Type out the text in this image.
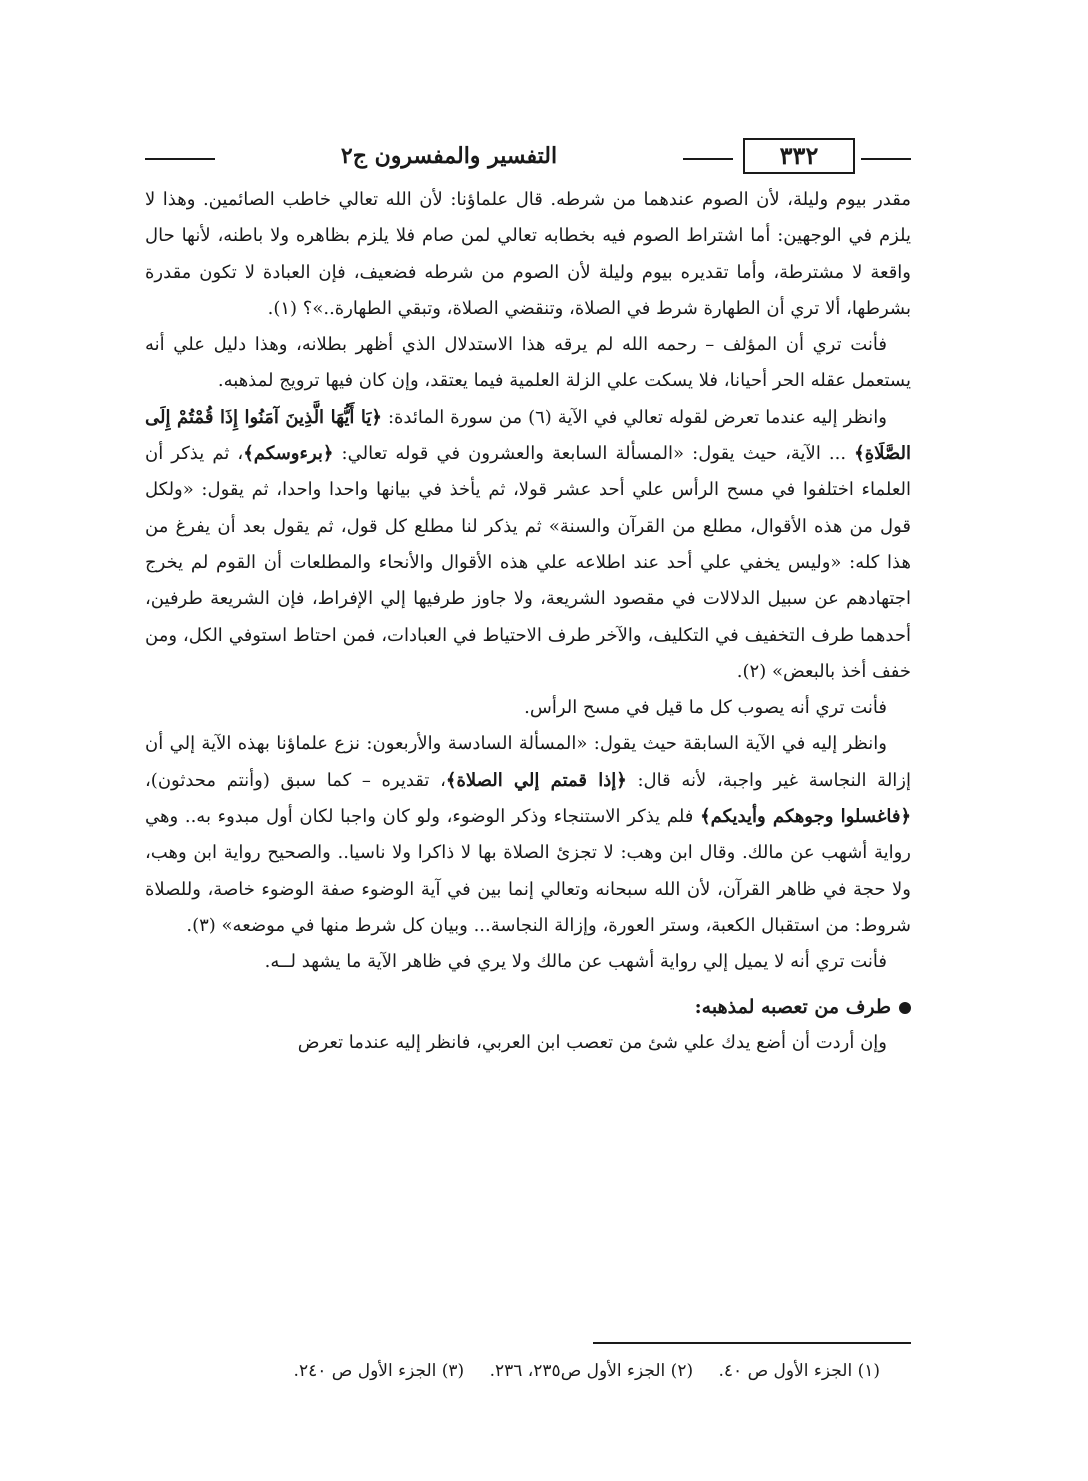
٣٣٢
التفسير والمفسرون ج٢

مقدر بيوم وليلة، لأن الصوم عندهما من شرطه. قال علماؤنا: لأن الله تعالي خاطب الصائمين. وهذا لا يلزم في الوجهين: أما اشتراط الصوم فيه بخطابه تعالي لمن صام فلا يلزم بظاهره ولا باطنه، لأنها حال واقعة لا مشترطة، وأما تقديره بيوم وليلة لأن الصوم من شرطه فضعيف، فإن العبادة لا تكون مقدرة بشرطها، ألا تري أن الطهارة شرط في الصلاة، وتنقضي الصلاة، وتبقي الطهارة..»؟ (١).

فأنت تري أن المؤلف – رحمه الله لم يرقه هذا الاستدلال الذي أظهر بطلانه، وهذا دليل علي أنه يستعمل عقله الحر أحيانا، فلا يسكت علي الزلة العلمية فيما يعتقد، وإن كان فيها ترويج لمذهبه.

وانظر إليه عندما تعرض لقوله تعالي في الآية (٦) من سورة المائدة: ﴿يَا أَيُّهَا الَّذِينَ آمَنُوا إِذَا قُمْتُمْ إِلَى الصَّلَاةِ﴾ ... الآية، حيث يقول: «المسألة السابعة والعشرون في قوله تعالي: ﴿برءوسكم﴾، ثم يذكر أن العلماء اختلفوا في مسح الرأس علي أحد عشر قولا، ثم يأخذ في بيانها واحدا واحدا، ثم يقول: «ولكل قول من هذه الأقوال، مطلع من القرآن والسنة» ثم يذكر لنا مطلع كل قول، ثم يقول بعد أن يفرغ من هذا كله: «وليس يخفي علي أحد عند اطلاعه علي هذه الأقوال والأنحاء والمطلعات أن القوم لم يخرج اجتهادهم عن سبيل الدلالات في مقصود الشريعة، ولا جاوز طرفيها إلي الإفراط، فإن الشريعة طرفين، أحدهما طرف التخفيف في التكليف، والآخر طرف الاحتياط في العبادات، فمن احتاط استوفي الكل، ومن خفف أخذ بالبعض» (٢).

فأنت تري أنه يصوب كل ما قيل في مسح الرأس.

وانظر إليه في الآية السابقة حيث يقول: «المسألة السادسة والأربعون: نزع علماؤنا بهذه الآية إلي أن إزالة النجاسة غير واجبة، لأنه قال: ﴿إذا قمتم إلي الصلاة﴾، تقديره – كما سبق (وأنتم محدثون)، ﴿فاغسلوا وجوهكم وأيديكم﴾ فلم يذكر الاستنجاء وذكر الوضوء، ولو كان واجبا لكان أول مبدوء به.. وهي رواية أشهب عن مالك. وقال ابن وهب: لا تجزئ الصلاة بها لا ذاكرا ولا ناسيا.. والصحيح رواية ابن وهب، ولا حجة في ظاهر القرآن، لأن الله سبحانه وتعالي إنما بين في آية الوضوء صفة الوضوء خاصة، وللصلاة شروط: من استقبال الكعبة، وستر العورة، وإزالة النجاسة... وبيان كل شرط منها في موضعه» (٣).

فأنت تري أنه لا يميل إلي رواية أشهب عن مالك ولا يري في ظاهر الآية ما يشهد لــه.

طرف من تعصبه لمذهبه:

وإن أردت أن أضع يدك علي شئ من تعصب ابن العربي، فانظر إليه عندما تعرض

(١) الجزء الأول ص ٤٠. (٢) الجزء الأول ص٢٣٥، ٢٣٦. (٣) الجزء الأول ص ٢٤٠.
